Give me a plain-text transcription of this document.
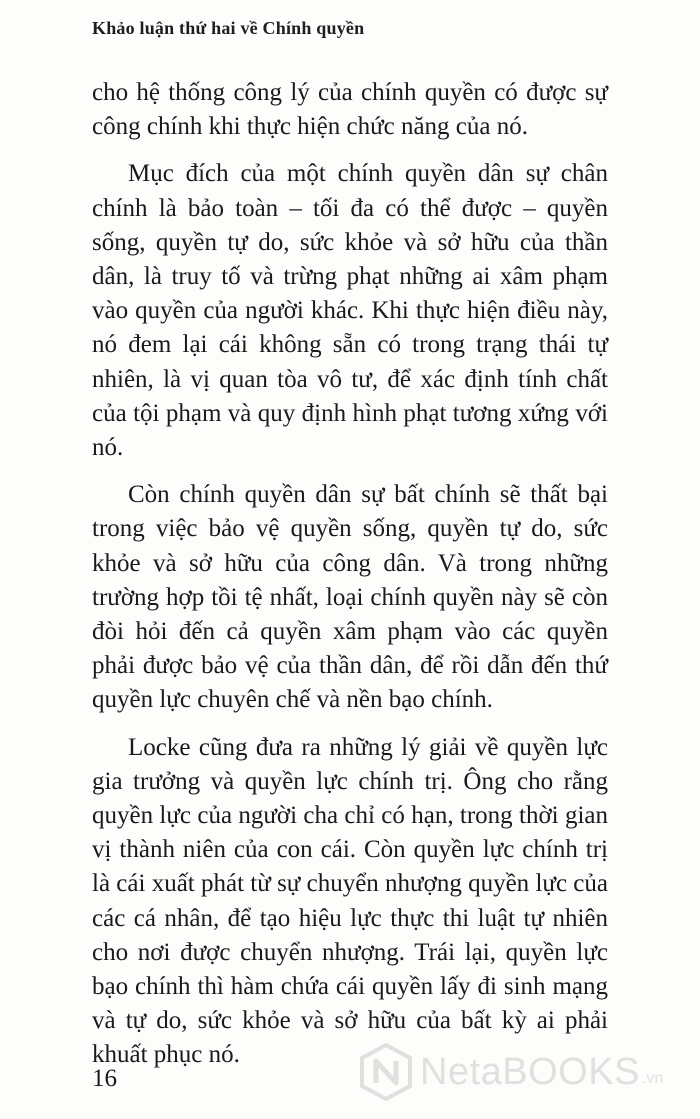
Khảo luận thứ hai về Chính quyền

cho hệ thống công lý của chính quyền có được sự công chính khi thực hiện chức năng của nó.

Mục đích của một chính quyền dân sự chân chính là bảo toàn – tối đa có thể được – quyền sống, quyền tự do, sức khỏe và sở hữu của thần dân, là truy tố và trừng phạt những ai xâm phạm vào quyền của người khác. Khi thực hiện điều này, nó đem lại cái không sẵn có trong trạng thái tự nhiên, là vị quan tòa vô tư, để xác định tính chất của tội phạm và quy định hình phạt tương xứng với nó.

Còn chính quyền dân sự bất chính sẽ thất bại trong việc bảo vệ quyền sống, quyền tự do, sức khỏe và sở hữu của công dân. Và trong những trường hợp tồi tệ nhất, loại chính quyền này sẽ còn đòi hỏi đến cả quyền xâm phạm vào các quyền phải được bảo vệ của thần dân, để rồi dẫn đến thứ quyền lực chuyên chế và nền bạo chính.

Locke cũng đưa ra những lý giải về quyền lực gia trưởng và quyền lực chính trị. Ông cho rằng quyền lực của người cha chỉ có hạn, trong thời gian vị thành niên của con cái. Còn quyền lực chính trị là cái xuất phát từ sự chuyển nhượng quyền lực của các cá nhân, để tạo hiệu lực thực thi luật tự nhiên cho nơi được chuyển nhượng. Trái lại, quyền lực bạo chính thì hàm chứa cái quyền lấy đi sinh mạng và tự do, sức khỏe và sở hữu của bất kỳ ai phải khuất phục nó.

16	NetaBOOKS .vn
